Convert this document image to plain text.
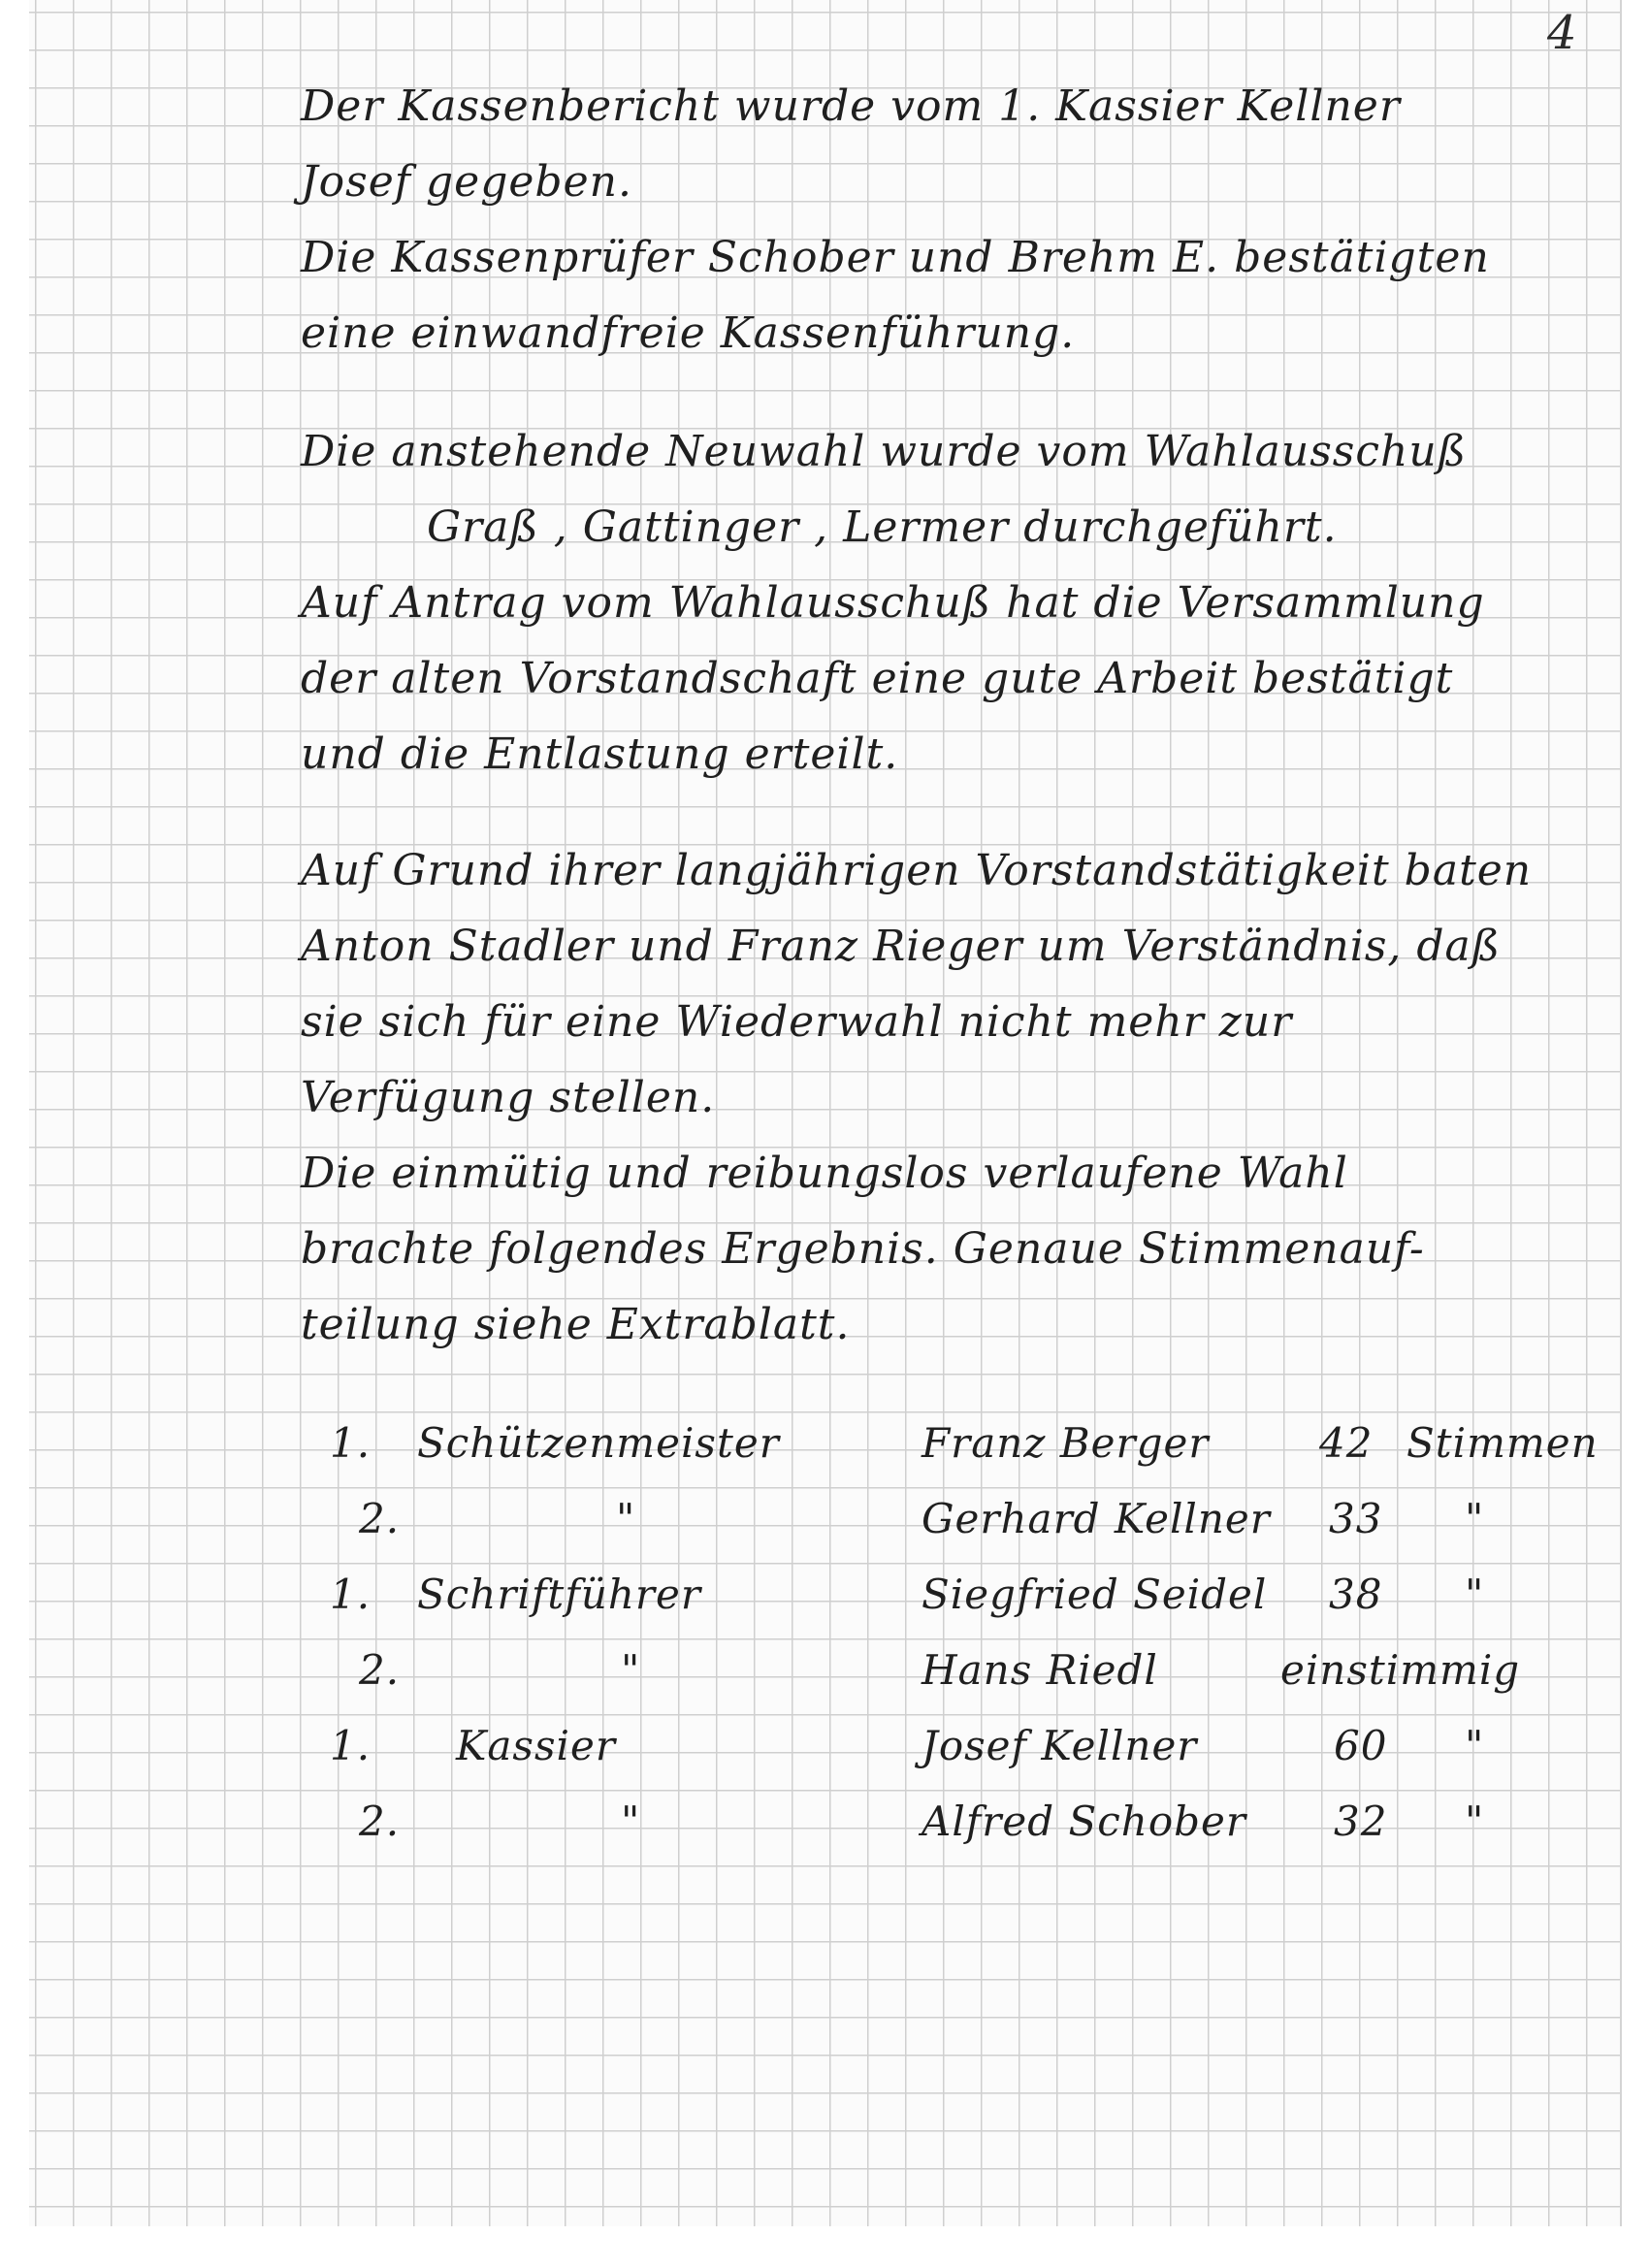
4
Der Kassenbericht wurde vom 1. Kassier Kellner
Josef gegeben.
Die Kassenprüfer Schober und Brehm E. bestätigten
eine einwandfreie Kassenführung.
Die anstehende Neuwahl wurde vom Wahlausschuß
Graß , Gattinger , Lermer durchgeführt.
Auf Antrag vom Wahlausschuß hat die Versammlung
der alten Vorstandschaft eine gute Arbeit bestätigt
und die Entlastung erteilt.
Auf Grund ihrer langjährigen Vorstandstätigkeit baten
Anton Stadler und Franz Rieger um Verständnis, daß
sie sich für eine Wiederwahl nicht mehr zur
Verfügung stellen.
Die einmütig und reibungslos verlaufene Wahl
brachte folgendes Ergebnis. Genaue Stimmenauf-
teilung siehe Extrablatt.
1. Schützenmeister	Franz Berger	42 Stimmen
2.	"	Gerhard Kellner 33 "
1. Schriftführer	Siegfried Seidel 38 "
2.	"	Hans Riedl	einstimmig
1. Kassier	Josef Kellner	60 "
2.	"	Alfred Schober 32 "
